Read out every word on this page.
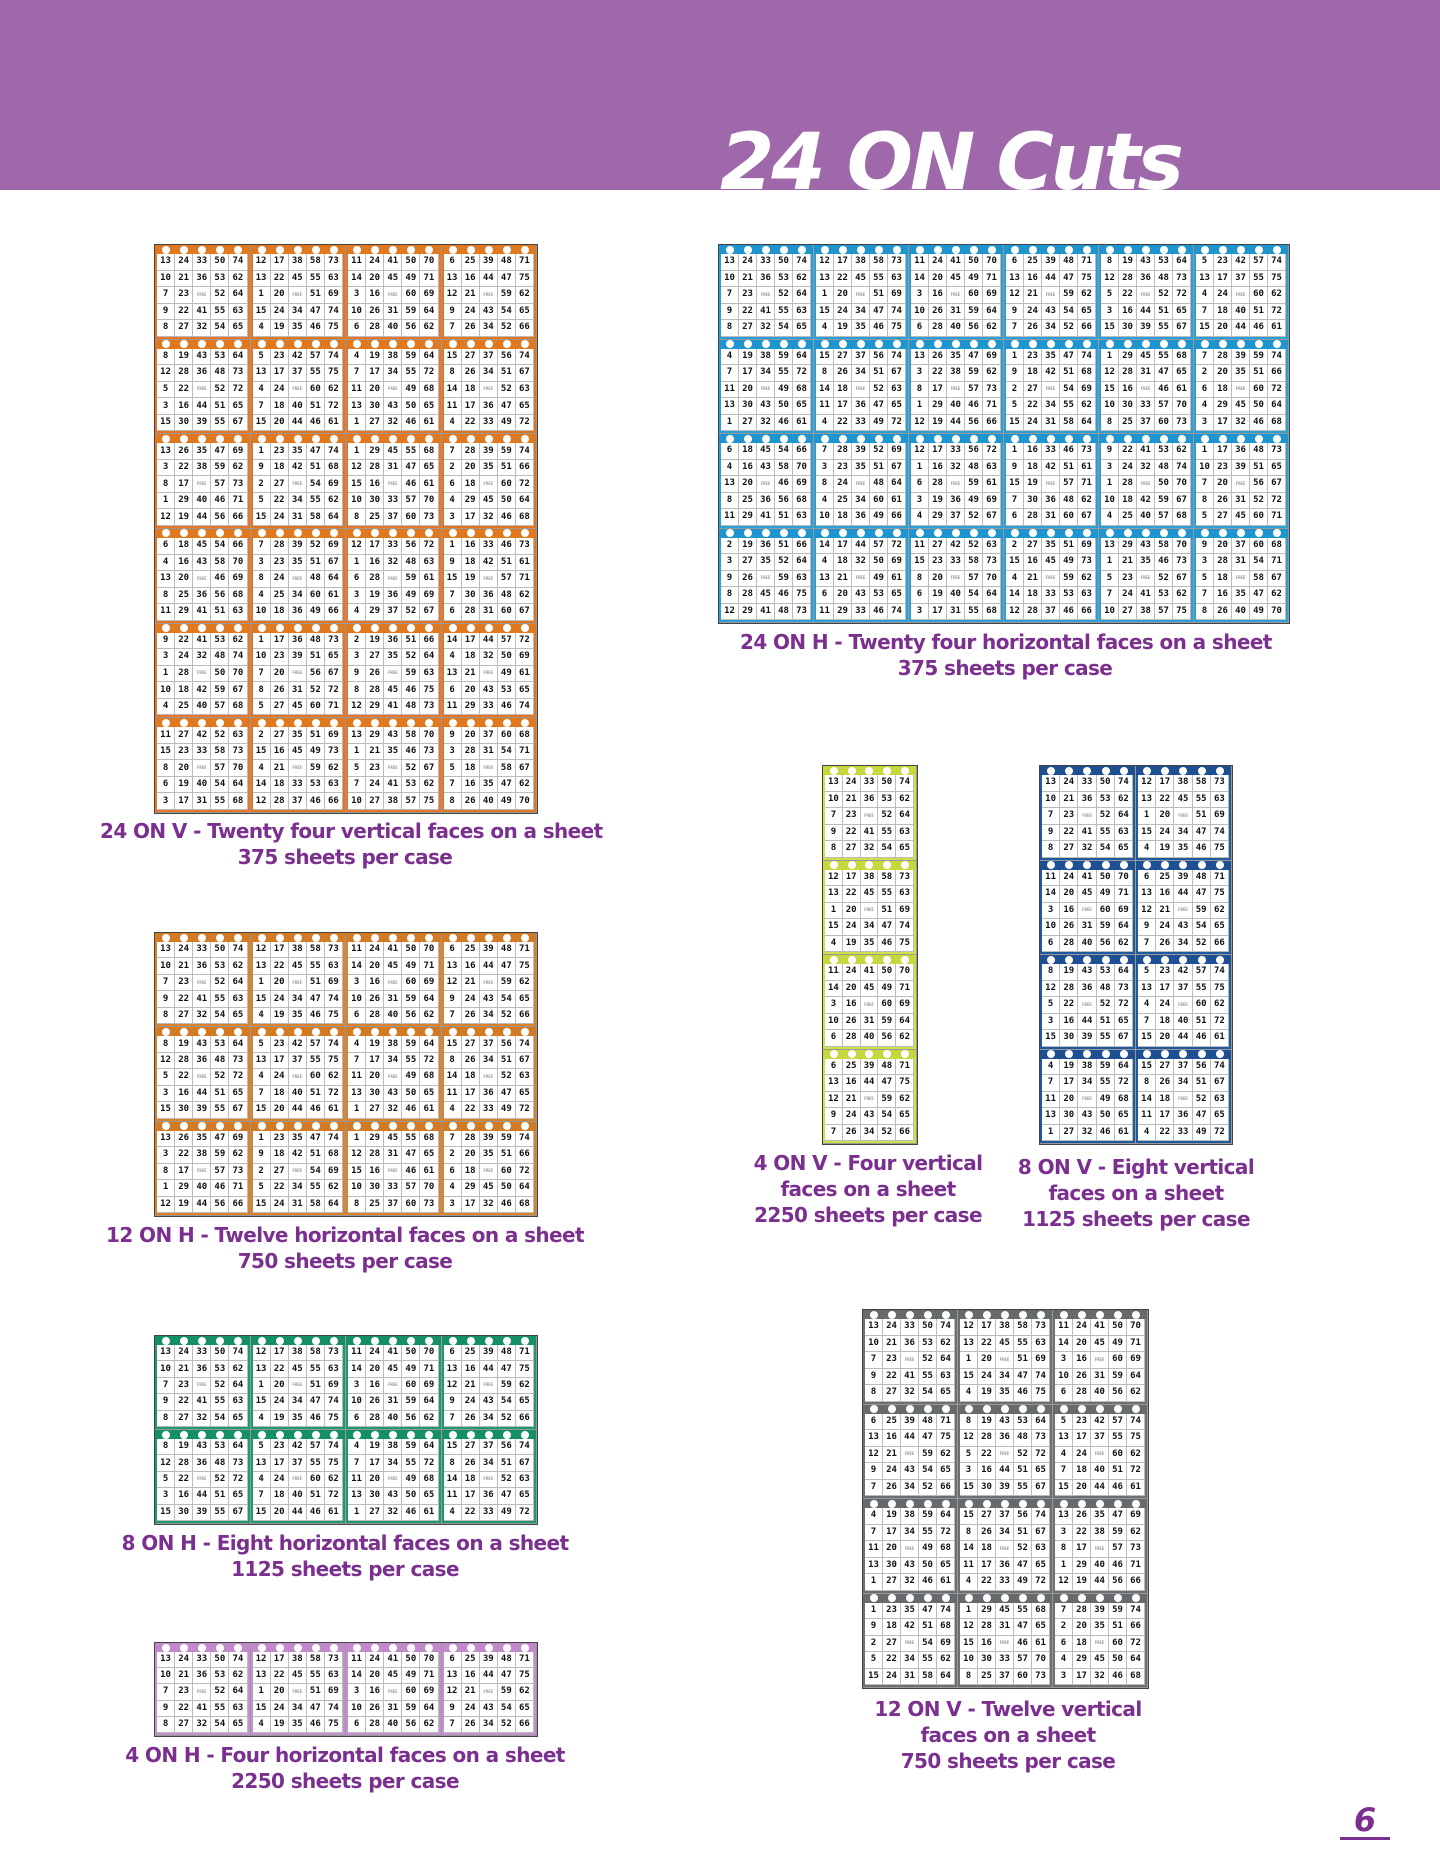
24 ON Cuts
13 24 33 50 74
10 21 36 53 62
7	23	FREE 52 64
9	22 41 55 63
8	27 32 54 65
12 17 38 58 73
13 22 45 55 63
1	20	FREE 51 69
15 24 34 47 74
4	19 35 46 75
11 24 41 50 70
14 20 45 49 71
3	16	FREE 60 69
10 26 31 59 64
6	28 40 56 62
6	25 39 48 71
13 16 44 47 75
12 21	FREE 59 62
9	24 43 54 65
7	26 34 52 66
8	19 43 53 64
12 28 36 48 73
5	22	FREE 52 72
3	16 44 51 65
15 30 39 55 67
5	23 42 57 74
13 17 37 55 75
4	24	FREE 60 62
7	18 40 51 72
15 20 44 46 61
4	19 38 59 64
7	17 34 55 72
11 20	FREE 49 68
13 30 43 50 65
1	27 32 46 61
15 27 37 56 74
8	26 34 51 67
14 18	FREE 52 63
11 17 36 47 65
4	22 33 49 72
13 26 35 47 69
3	22 38 59 62
8	17	FREE 57 73
1	29 40 46 71
12 19 44 56 66
1	23 35 47 74
9	18 42 51 68
2	27	FREE 54 69
5	22 34 55 62
15 24 31 58 64
1	29 45 55 68
12 28 31 47 65
15 16	FREE 46 61
10 30 33 57 70
8	25 37 60 73
7	28 39 59 74
2	20 35 51 66
6	18	FREE 60 72
4	29 45 50 64
3	17 32 46 68
6	18 45 54 66
4	16 43 58 70
13 20	FREE 46 69
8	25 36 56 68
11 29 41 51 63
7	28 39 52 69
3	23 35 51 67
8	24	FREE 48 64
4	25 34 60 61
10 18 36 49 66
12 17 33 56 72
1	16 32 48 63
6	28	FREE 59 61
3	19 36 49 69
4	29 37 52 67
1	16 33 46 73
9	18 42 51 61
15 19	FREE 57 71
7	30 36 48 62
6	28 31 60 67
9	22 41 53 62
3	24 32 48 74
1	28	FREE 50 70
10 18 42 59 67
4	25 40 57 68
1	17 36 48 73
10 23 39 51 65
7	20	FREE 56 67
8	26 31 52 72
5	27 45 60 71
2	19 36 51 66
3	27 35 52 64
9	26	FREE 59 63
8	28 45 46 75
12 29 41 48 73
14 17 44 57 72
4	18 32 50 69
13 21	FREE 49 61
6	20 43 53 65
11 29 33 46 74
11 27 42 52 63
15 23 33 58 73
8	20	FREE 57 70
6	19 40 54 64
3	17 31 55 68
2	27 35 51 69
15 16 45 49 73
4	21	FREE 59 62
14 18 33 53 63
12 28 37 46 66
13 29 43 58 70
1	21 35 46 73
5	23	FREE 52 67
7	24 41 53 62
10 27 38 57 75
9	20 37 60 68
3	28 31 54 71
5	18	FREE 58 67
7	16 35 47 62
8	26 40 49 70
24 ON V - Twenty four vertical faces on a sheet
375 sheets per case
13 24 33 50 74
10 21 36 53 62
7	23	FREE 52 64
9	22 41 55 63
8	27 32 54 65
12 17 38 58 73
13 22 45 55 63
1	20	FREE 51 69
15 24 34 47 74
4	19 35 46 75
11 24 41 50 70
14 20 45 49 71
3	16	FREE 60 69
10 26 31 59 64
6	28 40 56 62
6	25 39 48 71
13 16 44 47 75
12 21	FREE 59 62
9	24 43 54 65
7	26 34 52 66
8	19 43 53 64
12 28 36 48 73
5	22	FREE 52 72
3	16 44 51 65
15 30 39 55 67
5	23 42 57 74
13 17 37 55 75
4	24	FREE 60 62
7	18 40 51 72
15 20 44 46 61
4	19 38 59 64
7	17 34 55 72
11 20	FREE 49 68
13 30 43 50 65
1	27 32 46 61
15 27 37 56 74
8	26 34 51 67
14 18	FREE 52 63
11 17 36 47 65
4	22 33 49 72
13 26 35 47 69
3	22 38 59 62
8	17	FREE 57 73
1	29 40 46 71
12 19 44 56 66
1	23 35 47 74
9	18 42 51 68
2	27	FREE 54 69
5	22 34 55 62
15 24 31 58 64
1	29 45 55 68
12 28 31 47 65
15 16	FREE 46 61
10 30 33 57 70
8	25 37 60 73
7	28 39 59 74
2	20 35 51 66
6	18	FREE 60 72
4	29 45 50 64
3	17 32 46 68
6	18 45 54 66
4	16 43 58 70
13 20	FREE 46 69
8	25 36 56 68
11 29 41 51 63
7	28 39 52 69
3	23 35 51 67
8	24	FREE 48 64
4	25 34 60 61
10 18 36 49 66
12 17 33 56 72
1	16 32 48 63
6	28	FREE 59 61
3	19 36 49 69
4	29 37 52 67
1	16 33 46 73
9	18 42 51 61
15 19	FREE 57 71
7	30 36 48 62
6	28 31 60 67
9	22 41 53 62
3	24 32 48 74
1	28	FREE 50 70
10 18 42 59 67
4	25 40 57 68
1	17 36 48 73
10 23 39 51 65
7	20	FREE 56 67
8	26 31 52 72
5	27 45 60 71
2	19 36 51 66
3	27 35 52 64
9	26	FREE 59 63
8	28 45 46 75
12 29 41 48 73
14 17 44 57 72
4	18 32 50 69
13 21	FREE 49 61
6	20 43 53 65
11 29 33 46 74
11 27 42 52 63
15 23 33 58 73
8	20	FREE 57 70
6	19 40 54 64
3	17 31 55 68
2	27 35 51 69
15 16 45 49 73
4	21	FREE 59 62
14 18 33 53 63
12 28 37 46 66
13 29 43 58 70
1	21 35 46 73
5	23	FREE 52 67
7	24 41 53 62
10 27 38 57 75
9	20 37 60 68
3	28 31 54 71
5	18	FREE 58 67
7	16 35 47 62
8	26 40 49 70
24 ON H - Twenty four horizontal faces on a sheet
375 sheets per case
13 24 33 50 74
10 21 36 53 62
7	23	FREE 52 64
9	22 41 55 63
8	27 32 54 65
12 17 38 58 73
13 22 45 55 63
1	20	FREE 51 69
15 24 34 47 74
4	19 35 46 75
11 24 41 50 70
14 20 45 49 71
3	16	FREE 60 69
10 26 31 59 64
6	28 40 56 62
6	25 39 48 71
13 16 44 47 75
12 21	FREE 59 62
9	24 43 54 65
7	26 34 52 66
4 ON V - Four vertical
faces on a sheet
2250 sheets per case
13 24 33 50 74
10 21 36 53 62
7	23	FREE 52 64
9	22 41 55 63
8	27 32 54 65
12 17 38 58 73
13 22 45 55 63
1	20	FREE 51 69
15 24 34 47 74
4	19 35 46 75
11 24 41 50 70
14 20 45 49 71
3	16	FREE 60 69
10 26 31 59 64
6	28 40 56 62
6	25 39 48 71
13 16 44 47 75
12 21	FREE 59 62
9	24 43 54 65
7	26 34 52 66
8	19 43 53 64
12 28 36 48 73
5	22	FREE 52 72
3	16 44 51 65
15 30 39 55 67
5	23 42 57 74
13 17 37 55 75
4	24	FREE 60 62
7	18 40 51 72
15 20 44 46 61
4	19 38 59 64
7	17 34 55 72
11 20	FREE 49 68
13 30 43 50 65
1	27 32 46 61
15 27 37 56 74
8	26 34 51 67
14 18	FREE 52 63
11 17 36 47 65
4	22 33 49 72
8 ON V - Eight vertical
faces on a sheet
1125 sheets per case
13 24 33 50 74
10 21 36 53 62
7	23	FREE 52 64
9	22 41 55 63
8	27 32 54 65
12 17 38 58 73
13 22 45 55 63
1	20	FREE 51 69
15 24 34 47 74
4	19 35 46 75
11 24 41 50 70
14 20 45 49 71
3	16	FREE 60 69
10 26 31 59 64
6	28 40 56 62
6	25 39 48 71
13 16 44 47 75
12 21	FREE 59 62
9	24 43 54 65
7	26 34 52 66
8	19 43 53 64
12 28 36 48 73
5	22	FREE 52 72
3	16 44 51 65
15 30 39 55 67
5	23 42 57 74
13 17 37 55 75
4	24	FREE 60 62
7	18 40 51 72
15 20 44 46 61
4	19 38 59 64
7	17 34 55 72
11 20	FREE 49 68
13 30 43 50 65
1	27 32 46 61
15 27 37 56 74
8	26 34 51 67
14 18	FREE 52 63
11 17 36 47 65
4	22 33 49 72
13 26 35 47 69
3	22 38 59 62
8	17	FREE 57 73
1	29 40 46 71
12 19 44 56 66
1	23 35 47 74
9	18 42 51 68
2	27	FREE 54 69
5	22 34 55 62
15 24 31 58 64
1	29 45 55 68
12 28 31 47 65
15 16	FREE 46 61
10 30 33 57 70
8	25 37 60 73
7	28 39 59 74
2	20 35 51 66
6	18	FREE 60 72
4	29 45 50 64
3	17 32 46 68
12 ON H - Twelve horizontal faces on a sheet
750 sheets per case
13 24 33 50 74
10 21 36 53 62
7	23	FREE 52 64
9	22 41 55 63
8	27 32 54 65
12 17 38 58 73
13 22 45 55 63
1	20	FREE 51 69
15 24 34 47 74
4	19 35 46 75
11 24 41 50 70
14 20 45 49 71
3	16	FREE 60 69
10 26 31 59 64
6	28 40 56 62
6	25 39 48 71
13 16 44 47 75
12 21	FREE 59 62
9	24 43 54 65
7	26 34 52 66
8	19 43 53 64
12 28 36 48 73
5	22	FREE 52 72
3	16 44 51 65
15 30 39 55 67
5	23 42 57 74
13 17 37 55 75
4	24	FREE 60 62
7	18 40 51 72
15 20 44 46 61
4	19 38 59 64
7	17 34 55 72
11 20	FREE 49 68
13 30 43 50 65
1	27 32 46 61
15 27 37 56 74
8	26 34 51 67
14 18	FREE 52 63
11 17 36 47 65
4	22 33 49 72
8 ON H - Eight horizontal faces on a sheet
1125 sheets per case
13 24 33 50 74
10 21 36 53 62
7	23	FREE 52 64
9	22 41 55 63
8	27 32 54 65
12 17 38 58 73
13 22 45 55 63
1	20	FREE 51 69
15 24 34 47 74
4	19 35 46 75
11 24 41 50 70
14 20 45 49 71
3	16	FREE 60 69
10 26 31 59 64
6	28 40 56 62
6	25 39 48 71
13 16 44 47 75
12 21	FREE 59 62
9	24 43 54 65
7	26 34 52 66
8	19 43 53 64
12 28 36 48 73
5	22	FREE 52 72
3	16 44 51 65
15 30 39 55 67
5	23 42 57 74
13 17 37 55 75
4	24	FREE 60 62
7	18 40 51 72
15 20 44 46 61
4	19 38 59 64
7	17 34 55 72
11 20	FREE 49 68
13 30 43 50 65
1	27 32 46 61
15 27 37 56 74
8	26 34 51 67
14 18	FREE 52 63
11 17 36 47 65
4	22 33 49 72
13 26 35 47 69
3	22 38 59 62
8	17	FREE 57 73
1	29 40 46 71
12 19 44 56 66
1	23 35 47 74
9	18 42 51 68
2	27	FREE 54 69
5	22 34 55 62
15 24 31 58 64
1	29 45 55 68
12 28 31 47 65
15 16	FREE 46 61
10 30 33 57 70
8	25 37 60 73
7	28 39 59 74
2	20 35 51 66
6	18	FREE 60 72
4	29 45 50 64
3	17 32 46 68
12 ON V - Twelve vertical
faces on a sheet
750 sheets per case
13 24 33 50 74
10 21 36 53 62
7	23	FREE 52 64
9	22 41 55 63
8	27 32 54 65
12 17 38 58 73
13 22 45 55 63
1	20	FREE 51 69
15 24 34 47 74
4	19 35 46 75
11 24 41 50 70
14 20 45 49 71
3	16	FREE 60 69
10 26 31 59 64
6	28 40 56 62
6	25 39 48 71
13 16 44 47 75
12 21	FREE 59 62
9	24 43 54 65
7	26 34 52 66
4 ON H - Four horizontal faces on a sheet
2250 sheets per case
6
